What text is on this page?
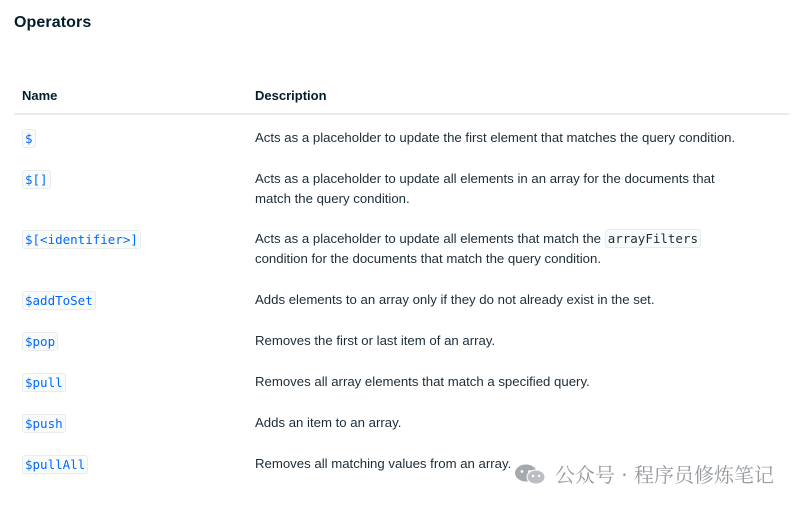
Operators
Name	Description
$	Acts as a placeholder to update the first element that matches the query condition.
$[]	Acts as a placeholder to update all elements in an array for the documents that match the query condition.
$[<identifier>]	Acts as a placeholder to update all elements that match the arrayFilters
condition for the documents that match the query condition.
$addToSet	Adds elements to an array only if they do not already exist in the set.
$pop	Removes the first or last item of an array.
$pull	Removes all array elements that match a specified query.
$push	Adds an item to an array.
$pullAll	Removes all matching values from an array.	公众号 · 程序员修炼笔记
